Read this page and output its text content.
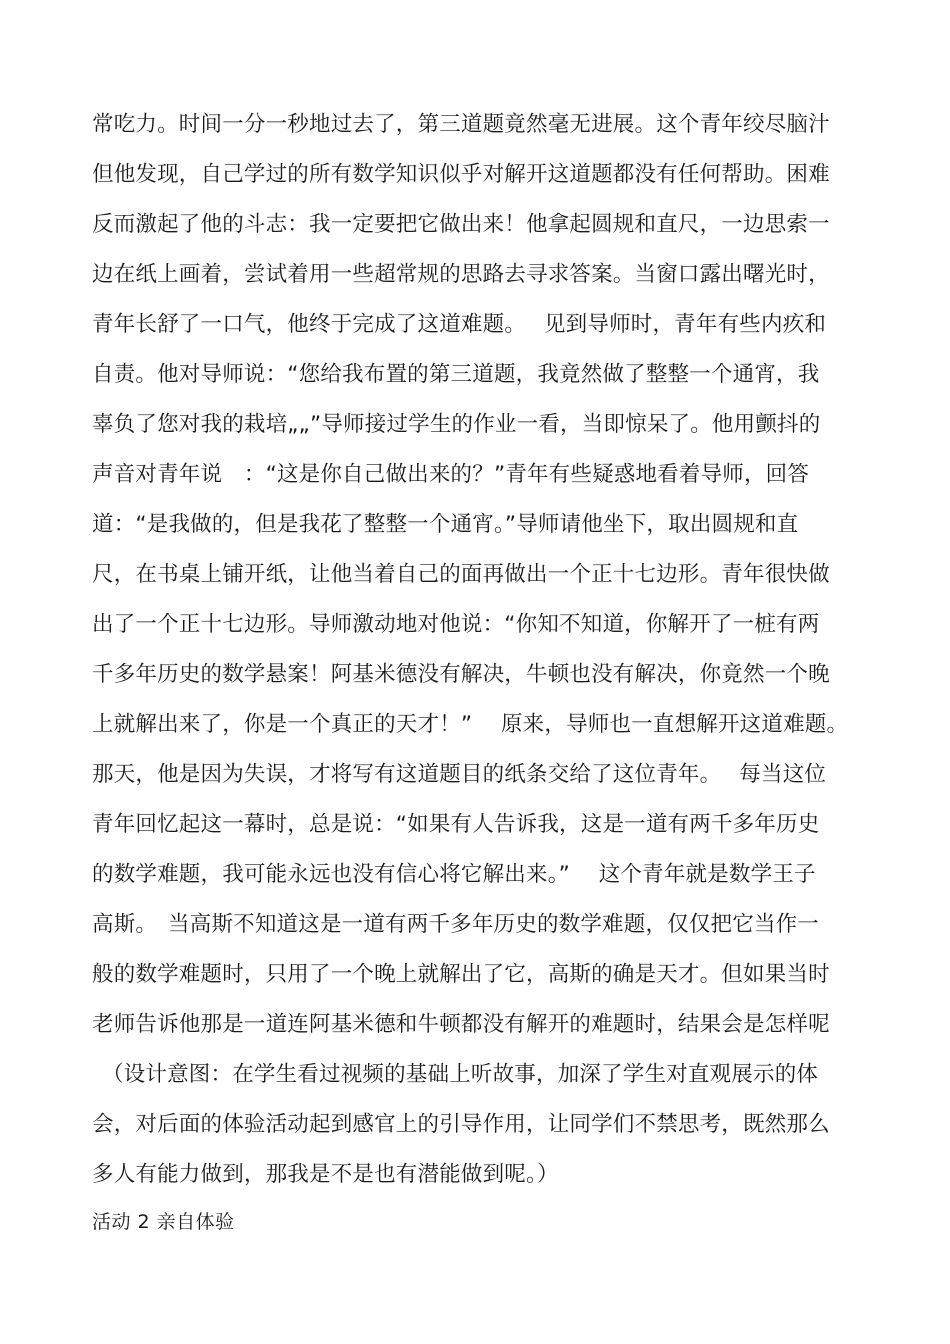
常吃力。时间一分一秒地过去了，第三道题竟然毫无进展。这个青年绞尽脑汁
但他发现，自己学过的所有数学知识似乎对解开这道题都没有任何帮助。困难
反而激起了他的斗志：我一定要把它做出来！他拿起圆规和直尺，一边思索一
边在纸上画着，尝试着用一些超常规的思路去寻求答案。当窗口露出曙光时，
青年长舒了一口气，他终于完成了这道难题。　 见到导师时，青年有些内疚和
自责。他对导师说：“您给我布置的第三道题，我竟然做了整整一个通宵，我
辜负了您对我的栽培„„”导师接过学生的作业一看，当即惊呆了。他用颤抖的
声音对青年说　：“这是你自己做出来的？”青年有些疑惑地看着导师，回答
道：“是我做的，但是我花了整整一个通宵。”导师请他坐下，取出圆规和直
尺，在书桌上铺开纸，让他当着自己的面再做出一个正十七边形。青年很快做
出了一个正十七边形。导师激动地对他说：“你知不知道，你解开了一桩有两
千多年历史的数学悬案！阿基米德没有解决，牛顿也没有解决，你竟然一个晚
上就解出来了，你是一个真正的天才！”　 原来，导师也一直想解开这道难题。
那天，他是因为失误，才将写有这道题目的纸条交给了这位青年。　 每当这位
青年回忆起这一幕时，总是说：“如果有人告诉我，这是一道有两千多年历史
的数学难题，我可能永远也没有信心将它解出来。”　 这个青年就是数学王子
高斯。　当高斯不知道这是一道有两千多年历史的数学难题，仅仅把它当作一
般的数学难题时，只用了一个晚上就解出了它，高斯的确是天才。但如果当时
老师告诉他那是一道连阿基米德和牛顿都没有解开的难题时，结果会是怎样呢
（设计意图：在学生看过视频的基础上听故事，加深了学生对直观展示的体
会，对后面的体验活动起到感官上的引导作用，让同学们不禁思考，既然那么
多人有能力做到，那我是不是也有潜能做到呢。）
活动 2 亲自体验
